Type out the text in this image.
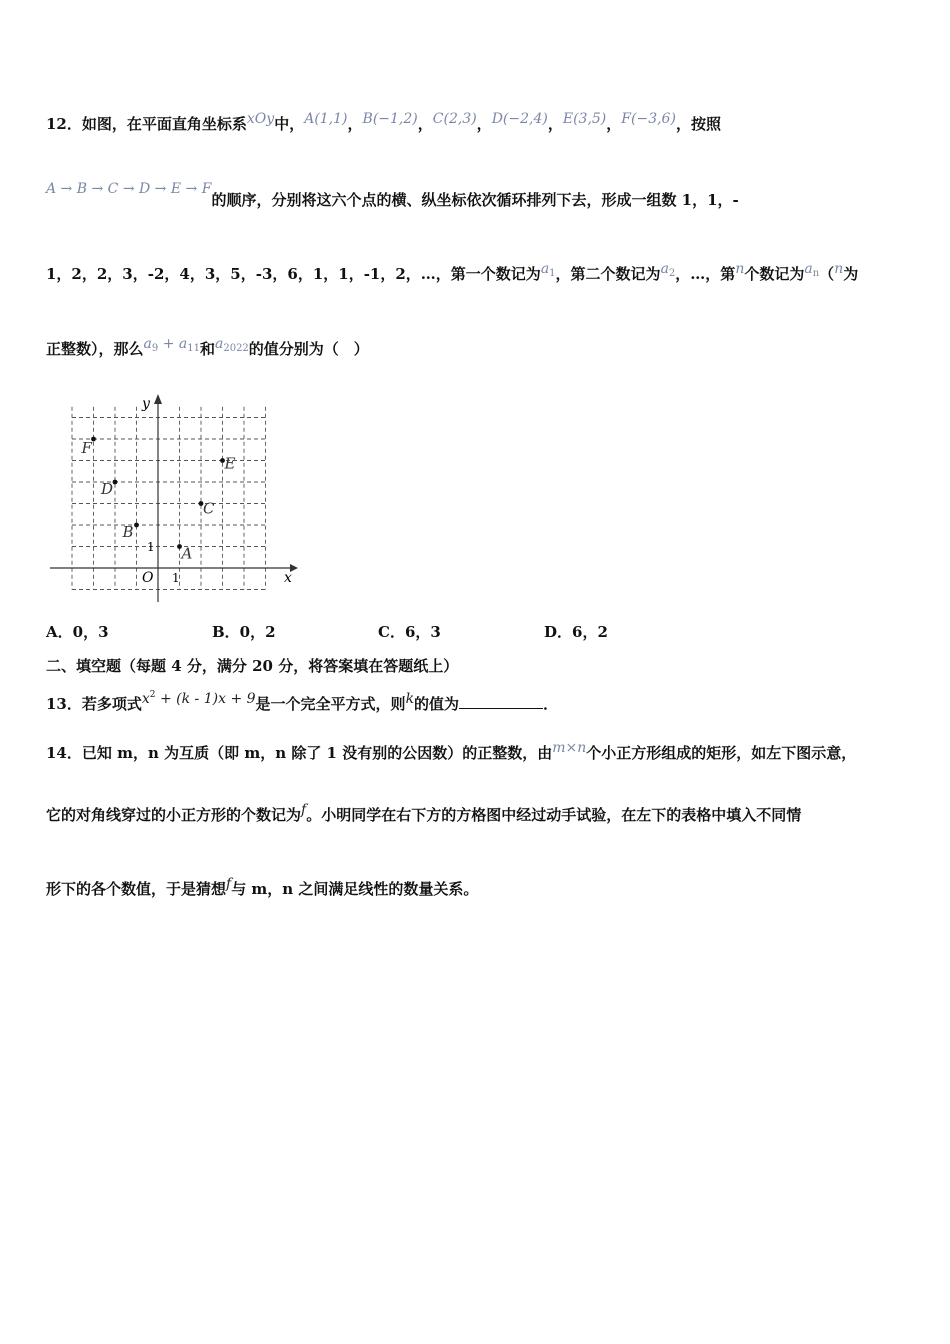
12．如图，在平面直角坐标系xOy中，A(1,1)，B(−1,2)，C(2,3)，D(−2,4)，E(3,5)，F(−3,6)，按照
A → B → C → D → E → F的顺序，分别将这六个点的横、纵坐标依次循环排列下去，形成一组数 1，1，-
1，2，2，3，-2，4，3，5，-3，6，1，1，-1，2，…，第一个数记为$a_1$，第二个数记为$a_2$，…，第n个数记为$a_n(n$为
正整数），那么$a_9 + a_{11}$和$a_{2022}$的值分别为（　）
y
x
O 1
1
F
E
D
C
B
A
A．0，3	B．0，2	C．6，3	D．6，2
二、填空题（每题 4 分，满分 20 分，将答案填在答题纸上）
13．若多项式$x^2 + (k - 1)x + 9$是一个完全平方式，则k的值为	．
14．已知 m，n 为互质（即 m，n 除了 1 没有别的公因数）的正整数，由m×n个小正方形组成的矩形，如左下图示意，
它的对角线穿过的小正方形的个数记为f。小明同学在右下方的方格图中经过动手试验，在左下的表格中填入不同情
形下的各个数值，于是猜想f与 m，n 之间满足线性的数量关系。
